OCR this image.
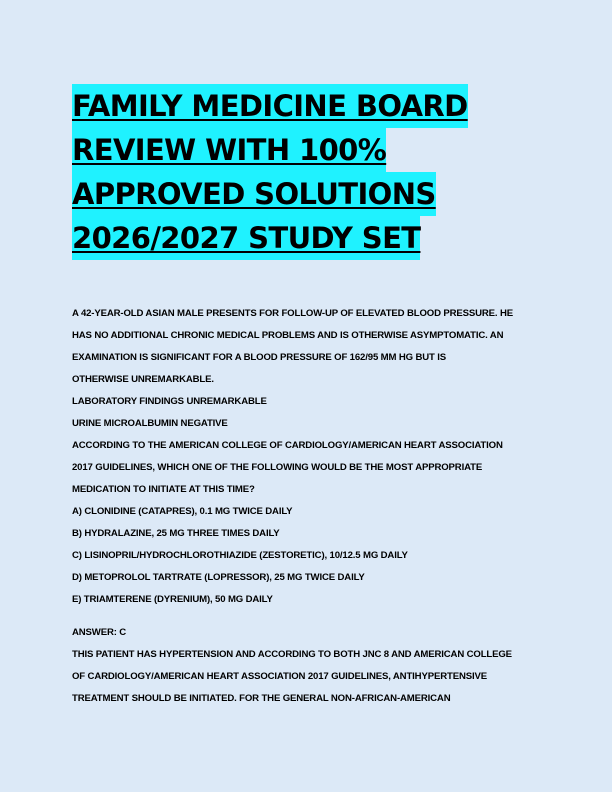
FAMILY MEDICINE BOARD
REVIEW WITH 100%
APPROVED SOLUTIONS
2026/2027 STUDY SET
A 42-YEAR-OLD ASIAN MALE PRESENTS FOR FOLLOW-UP OF ELEVATED BLOOD PRESSURE. HE
HAS NO ADDITIONAL CHRONIC MEDICAL PROBLEMS AND IS OTHERWISE ASYMPTOMATIC. AN
EXAMINATION IS SIGNIFICANT FOR A BLOOD PRESSURE OF 162/95 MM HG BUT IS
OTHERWISE UNREMARKABLE.
LABORATORY FINDINGS UNREMARKABLE
URINE MICROALBUMIN NEGATIVE
ACCORDING TO THE AMERICAN COLLEGE OF CARDIOLOGY/AMERICAN HEART ASSOCIATION
2017 GUIDELINES, WHICH ONE OF THE FOLLOWING WOULD BE THE MOST APPROPRIATE
MEDICATION TO INITIATE AT THIS TIME?
A) CLONIDINE (CATAPRES), 0.1 MG TWICE DAILY
B) HYDRALAZINE, 25 MG THREE TIMES DAILY
C) LISINOPRIL/HYDROCHLOROTHIAZIDE (ZESTORETIC), 10/12.5 MG DAILY
D) METOPROLOL TARTRATE (LOPRESSOR), 25 MG TWICE DAILY
E) TRIAMTERENE (DYRENIUM), 50 MG DAILY
ANSWER: C
THIS PATIENT HAS HYPERTENSION AND ACCORDING TO BOTH JNC 8 AND AMERICAN COLLEGE
OF CARDIOLOGY/AMERICAN HEART ASSOCIATION 2017 GUIDELINES, ANTIHYPERTENSIVE
TREATMENT SHOULD BE INITIATED. FOR THE GENERAL NON-AFRICAN-AMERICAN
